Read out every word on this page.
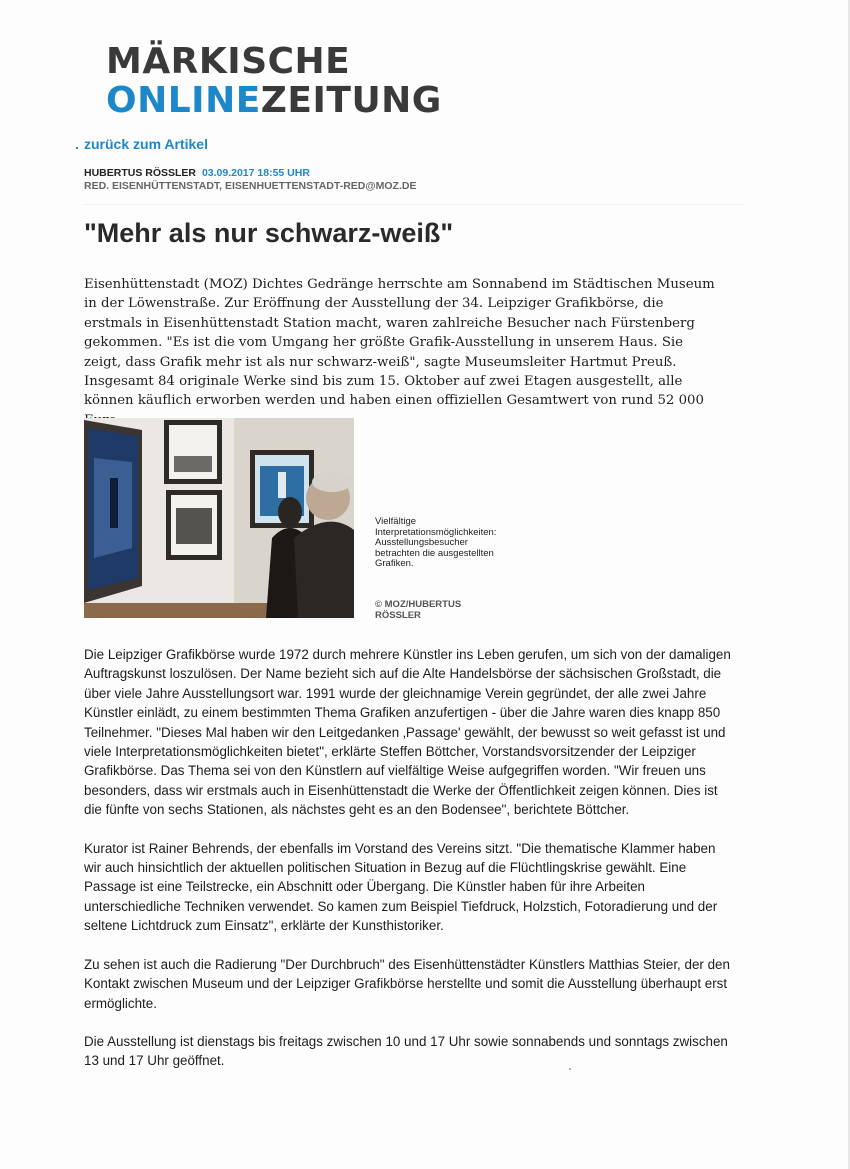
MÄRKISCHE
ONLINEZEITUNG
zurück zum Artikel
HUBERTUS RÖSSLER 03.09.2017 18:55 UHR
RED. EISENHÜTTENSTADT, EISENHUETTENSTADT-RED@MOZ.DE
"Mehr als nur schwarz-weiß"

Eisenhüttenstadt (MOZ) Dichtes Gedränge herrschte am Sonnabend im Städtischen Museum in der Löwenstraße. Zur Eröffnung der Ausstellung der 34. Leipziger Grafikbörse, die erstmals in Eisenhüttenstadt Station macht, waren zahlreiche Besucher nach Fürstenberg gekommen. "Es ist die vom Umgang her größte Grafik-Ausstellung in unserem Haus. Sie zeigt, dass Grafik mehr ist als nur schwarz-weiß", sagte Museumsleiter Hartmut Preuß. Insgesamt 84 originale Werke sind bis zum 15. Oktober auf zwei Etagen ausgestellt, alle können käuflich erworben werden und haben einen offiziellen Gesamtwert von rund 52 000

Vielfältige Interpretationsmöglichkeiten: Ausstellungsbesucher betrachten die ausgestellten Grafiken.
© MOZ/HUBERTUS RÖSSLER

Die Leipziger Grafikbörse wurde 1972 durch mehrere Künstler ins Leben gerufen, um sich von der damaligen Auftragskunst loszulösen. Der Name bezieht sich auf die Alte Handelsbörse der sächsischen Großstadt, die über viele Jahre Ausstellungsort war. 1991 wurde der gleichnamige Verein gegründet, der alle zwei Jahre Künstler einlädt, zu einem bestimmten Thema Grafiken anzufertigen - über die Jahre waren dies knapp 850 Teilnehmer. "Dieses Mal haben wir den Leitgedanken ‚Passage' gewählt, der bewusst so weit gefasst ist und viele Interpretationsmöglichkeiten bietet", erklärte Steffen Böttcher, Vorstandsvorsitzender der Leipziger Grafikbörse. Das Thema sei von den Künstlern auf vielfältige Weise aufgegriffen worden. "Wir freuen uns besonders, dass wir erstmals auch in Eisenhüttenstadt die Werke der Öffentlichkeit zeigen können. Dies ist die fünfte von sechs Stationen, als nächstes geht es an den Bodensee", berichtete Böttcher.

Kurator ist Rainer Behrends, der ebenfalls im Vorstand des Vereins sitzt. "Die thematische Klammer haben wir auch hinsichtlich der aktuellen politischen Situation in Bezug auf die Flüchtlingskrise gewählt. Eine Passage ist eine Teilstrecke, ein Abschnitt oder Übergang. Die Künstler haben für ihre Arbeiten unterschiedliche Techniken verwendet. So kamen zum Beispiel Tiefdruck, Holzstich, Fotoradierung und der seltene Lichtdruck zum Einsatz", erklärte der Kunsthistoriker.

Zu sehen ist auch die Radierung "Der Durchbruch" des Eisenhüttenstädter Künstlers Matthias Steier, der den Kontakt zwischen Museum und der Leipziger Grafikbörse herstellte und somit die Ausstellung überhaupt erst ermöglichte.

Die Ausstellung ist dienstags bis freitags zwischen 10 und 17 Uhr sowie sonnabends und sonntags zwischen 13 und 17 Uhr geöffnet.
